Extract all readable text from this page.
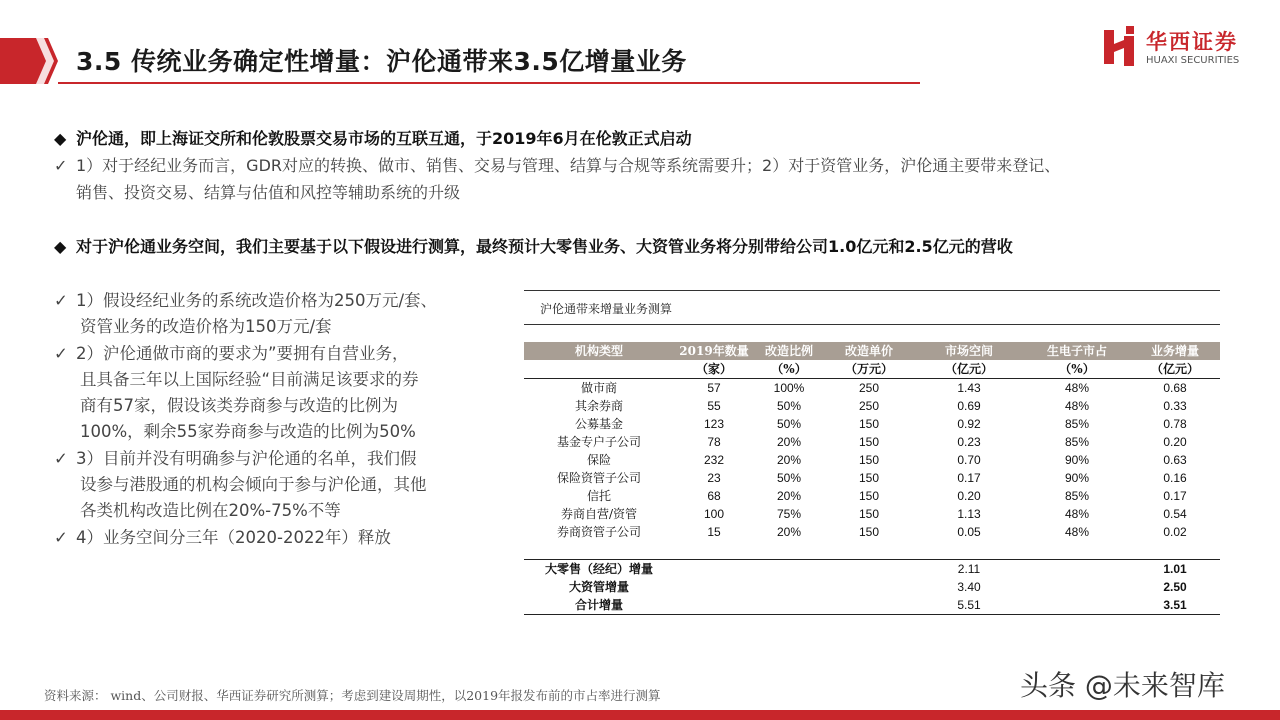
3.5 传统业务确定性增量：沪伦通带来3.5亿增量业务
华西证券
HUAXI SECURITIES
◆ 沪伦通，即上海证交所和伦敦股票交易市场的互联互通，于2019年6月在伦敦正式启动
✓ 1）对于经纪业务而言，GDR对应的转换、做市、销售、交易与管理、结算与合规等系统需要升；2）对于资管业务，沪伦通主要带来登记、
销售、投资交易、结算与估值和风控等辅助系统的升级
◆ 对于沪伦通业务空间，我们主要基于以下假设进行测算，最终预计大零售业务、大资管业务将分别带给公司1.0亿元和2.5亿元的营收
✓ 1）假设经纪业务的系统改造价格为250万元/套、
资管业务的改造价格为150万元/套
✓ 2）沪伦通做市商的要求为”要拥有自营业务，
且具备三年以上国际经验“目前满足该要求的券
商有57家，假设该类券商参与改造的比例为
100%，剩余55家券商参与改造的比例为50%
✓ 3）目前并没有明确参与沪伦通的名单，我们假
设参与港股通的机构会倾向于参与沪伦通，其他
各类机构改造比例在20%-75%不等
✓ 4）业务空间分三年（2020-2022年）释放
沪伦通带来增量业务测算
机构类型	2019年数量	改造比例	改造单价	市场空间	生电子市占	业务增量
	（家）	（%）	（万元）	（亿元）	（%）	（亿元）
做市商	57	100%	250	1.43	48%	0.68
其余券商	55	50%	250	0.69	48%	0.33
公募基金	123	50%	150	0.92	85%	0.78
基金专户子公司	78	20%	150	0.23	85%	0.20
保险	232	20%	150	0.70	90%	0.63
保险资管子公司	23	50%	150	0.17	90%	0.16
信托	68	20%	150	0.20	85%	0.17
券商自营/资管	100	75%	150	1.13	48%	0.54
券商资管子公司	15	20%	150	0.05	48%	0.02

大零售（经纪）增量				2.11		1.01
大资管增量				3.40		2.50
合计增量				5.51		3.51
资料来源： wind、公司财报、华西证券研究所测算；考虑到建设周期性，以2019年报发布前的市占率进行测算	头条 @未来智库
